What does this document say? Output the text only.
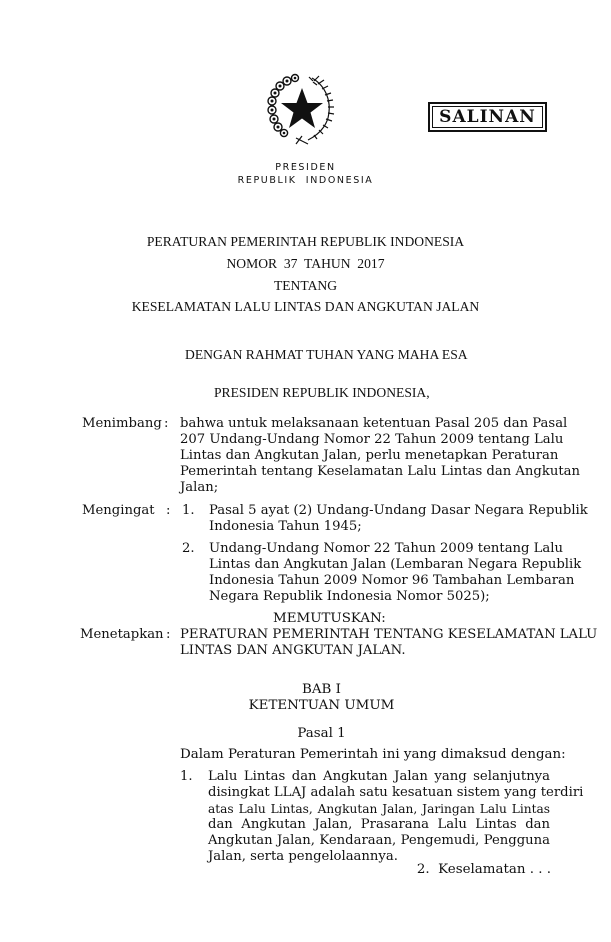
SALINAN
PRESIDEN
REPUBLIK  INDONESIA
PERATURAN PEMERINTAH REPUBLIK INDONESIA
NOMOR  37  TAHUN  2017
TENTANG
KESELAMATAN LALU LINTAS DAN ANGKUTAN JALAN
DENGAN RAHMAT TUHAN YANG MAHA ESA
PRESIDEN REPUBLIK INDONESIA,
Menimbang : bahwa untuk melaksanaan ketentuan Pasal 205 dan Pasal
207 Undang-Undang Nomor 22 Tahun 2009 tentang Lalu
Lintas dan Angkutan Jalan, perlu menetapkan Peraturan
Pemerintah tentang Keselamatan Lalu Lintas dan Angkutan
Jalan;
Mengingat : 1. Pasal 5 ayat (2) Undang-Undang Dasar Negara Republik
Indonesia Tahun 1945;
2. Undang-Undang Nomor 22 Tahun 2009 tentang Lalu
Lintas dan Angkutan Jalan (Lembaran Negara Republik
Indonesia Tahun 2009 Nomor 96 Tambahan Lembaran
Negara Republik Indonesia Nomor 5025);
MEMUTUSKAN:
Menetapkan : PERATURAN PEMERINTAH TENTANG KESELAMATAN LALU
LINTAS DAN ANGKUTAN JALAN.
BAB I
KETENTUAN UMUM
Pasal 1
Dalam Peraturan Pemerintah ini yang dimaksud dengan:
1. Lalu Lintas dan Angkutan Jalan yang selanjutnya
disingkat LLAJ adalah satu kesatuan sistem yang terdiri
atas Lalu Lintas, Angkutan Jalan, Jaringan Lalu Lintas
dan Angkutan Jalan, Prasarana Lalu Lintas dan
Angkutan Jalan, Kendaraan, Pengemudi, Pengguna
Jalan, serta pengelolaannya.
2.  Keselamatan . . .
